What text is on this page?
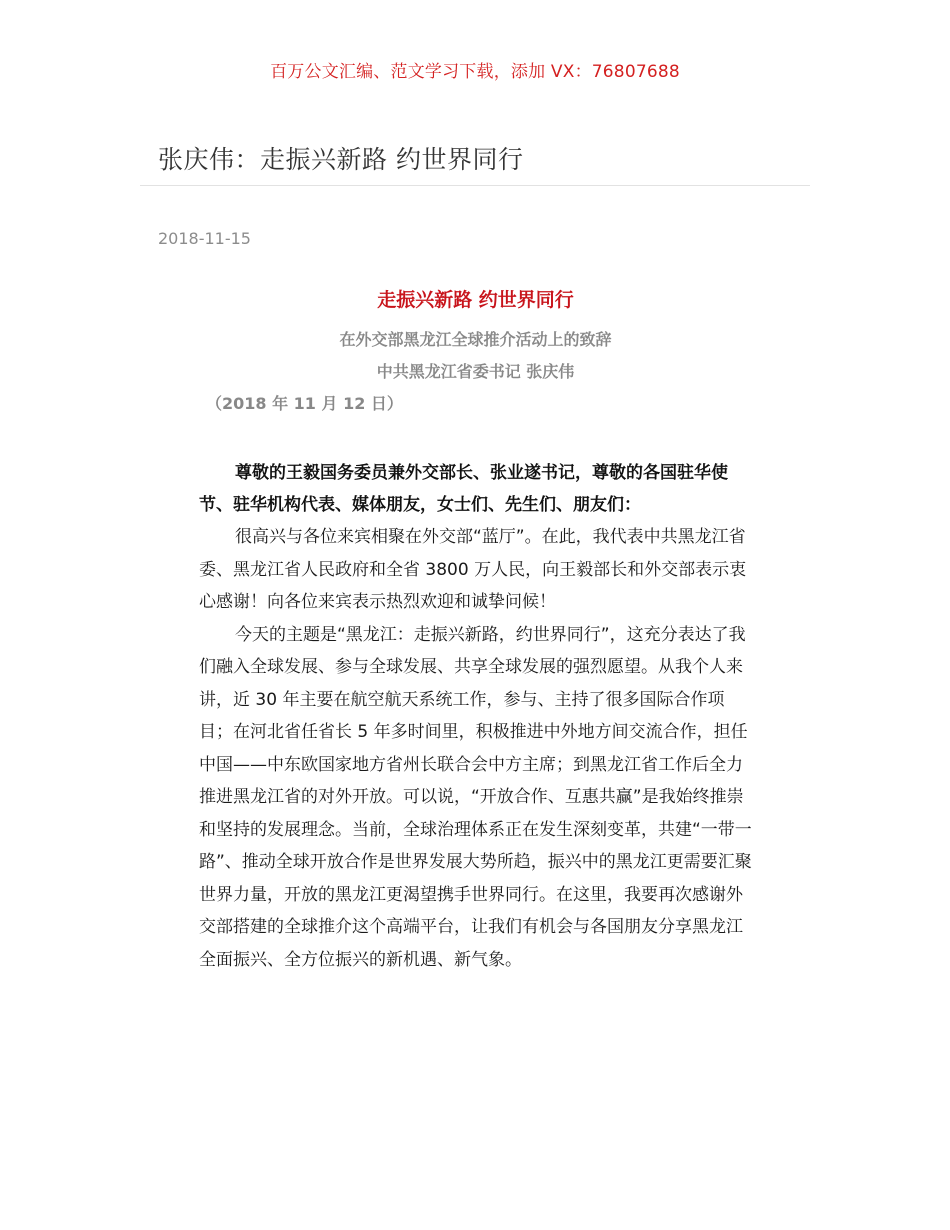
百万公文汇编、范文学习下载，添加 VX：76807688
张庆伟：走振兴新路 约世界同行
2018-11-15
走振兴新路 约世界同行
在外交部黑龙江全球推介活动上的致辞
中共黑龙江省委书记 张庆伟
（2018 年 11 月 12 日）
尊敬的王毅国务委员兼外交部长、张业遂书记，尊敬的各国驻华使节、驻华机构代表、媒体朋友，女士们、先生们、朋友们：
很高兴与各位来宾相聚在外交部“蓝厅”。在此，我代表中共黑龙江省委、黑龙江省人民政府和全省 3800 万人民，向王毅部长和外交部表示衷心感谢！向各位来宾表示热烈欢迎和诚挚问候！
今天的主题是“黑龙江：走振兴新路，约世界同行”，这充分表达了我们融入全球发展、参与全球发展、共享全球发展的强烈愿望。从我个人来讲，近 30 年主要在航空航天系统工作，参与、主持了很多国际合作项目；在河北省任省长 5 年多时间里，积极推进中外地方间交流合作，担任中国——中东欧国家地方省州长联合会中方主席；到黑龙江省工作后全力推进黑龙江省的对外开放。可以说，“开放合作、互惠共赢”是我始终推崇和坚持的发展理念。当前，全球治理体系正在发生深刻变革，共建“一带一路”、推动全球开放合作是世界发展大势所趋，振兴中的黑龙江更需要汇聚世界力量，开放的黑龙江更渴望携手世界同行。在这里，我要再次感谢外交部搭建的全球推介这个高端平台，让我们有机会与各国朋友分享黑龙江全面振兴、全方位振兴的新机遇、新气象。
